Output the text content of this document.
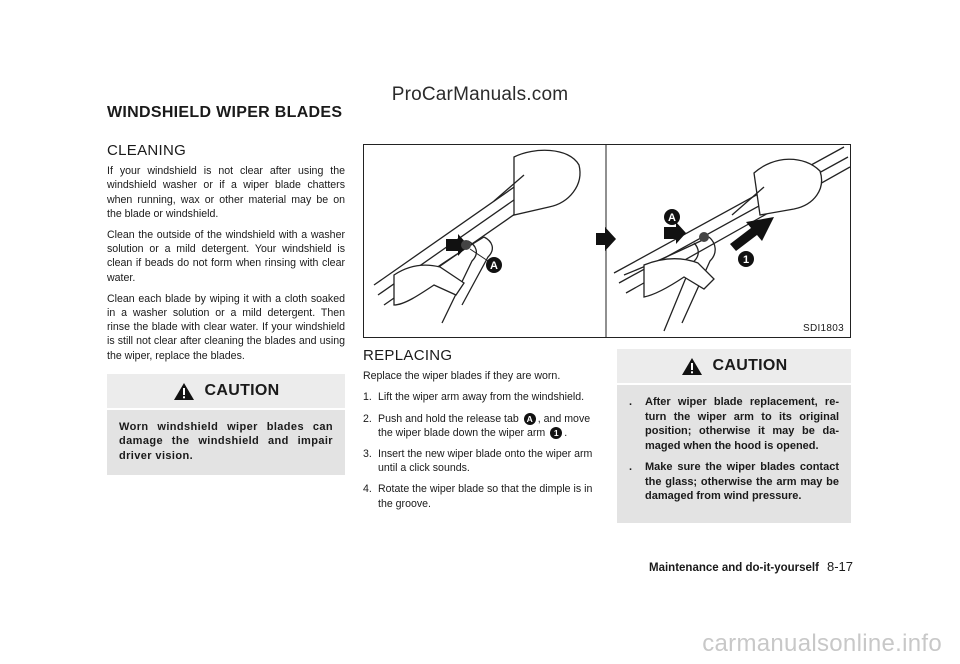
ProCarManuals.com
WINDSHIELD WIPER BLADES
CLEANING

If your windshield is not clear after using the windshield washer or if a wiper blade chatters when running, wax or other material may be on the blade or windshield.

Clean the outside of the windshield with a washer solution or a mild detergent. Your windshield is clean if beads do not form when rinsing with clear water.

Clean each blade by wiping it with a cloth soaked in a washer solution or a mild detergent. Then rinse the blade with clear water. If your windshield is still not clear after cleaning the blades and using the wiper, replace the blades.

CAUTION

Worn windshield wiper blades can damage the windshield and impair driver vision.

A
A
1
SDI1803
REPLACING

Replace the wiper blades if they are worn.

1. Lift the wiper arm away from the windshield.
2. Push and hold the release tab A , and move the wiper blade down the wiper arm 1 .
3. Insert the new wiper blade onto the wiper arm until a click sounds.
4. Rotate the wiper blade so that the dimple is in the groove.
CAUTION
.	After wiper blade replacement, re-turn the wiper arm to its original position; otherwise it may be da-maged when the hood is opened.
.	Make sure the wiper blades contact the glass; otherwise the arm may be damaged from wind pressure.
Maintenance and do-it-yourself 8-17
carmanualsonline.info
